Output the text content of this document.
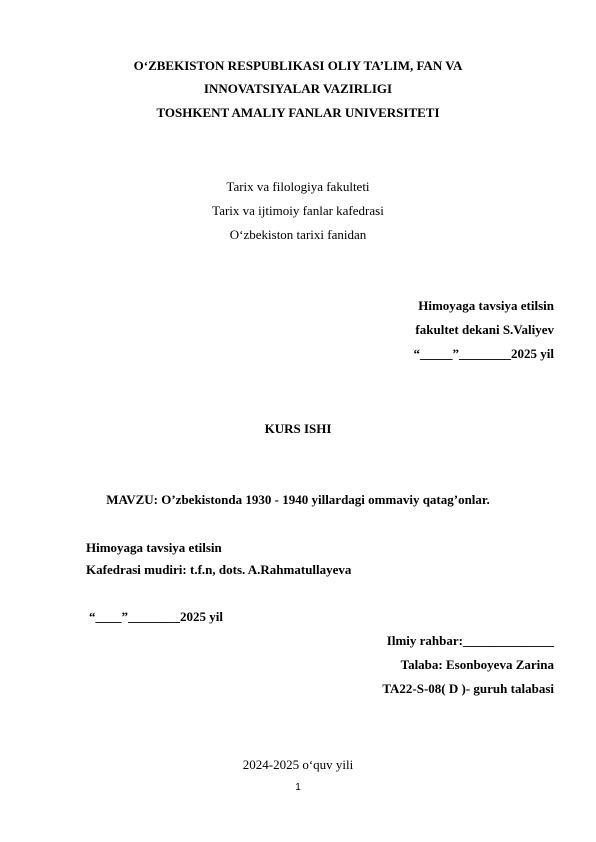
O‘ZBEKISTON RESPUBLIKASI OLIY TA’LIM, FAN VA
INNOVATSIYALAR VAZIRLIGI
TOSHKENT AMALIY FANLAR UNIVERSITETI
Tarix va filologiya fakulteti
Tarix va ijtimoiy fanlar kafedrasi
O‘zbekiston tarixi fanidan
Himoyaga tavsiya etilsin
fakultet dekani S.Valiyev
“_____”________2025 yil
KURS ISHI
MAVZU: O’zbekistonda 1930 - 1940 yillardagi ommaviy qatag’onlar.
Himoyaga tavsiya etilsin
Kafedrasi mudiri: t.f.n, dots. A.Rahmatullayeva
“____”________2025 yil
Ilmiy rahbar:______________
Talaba: Esonboyeva Zarina
TA22-S-08( D )- guruh talabasi
2024-2025 o‘quv yili
1
